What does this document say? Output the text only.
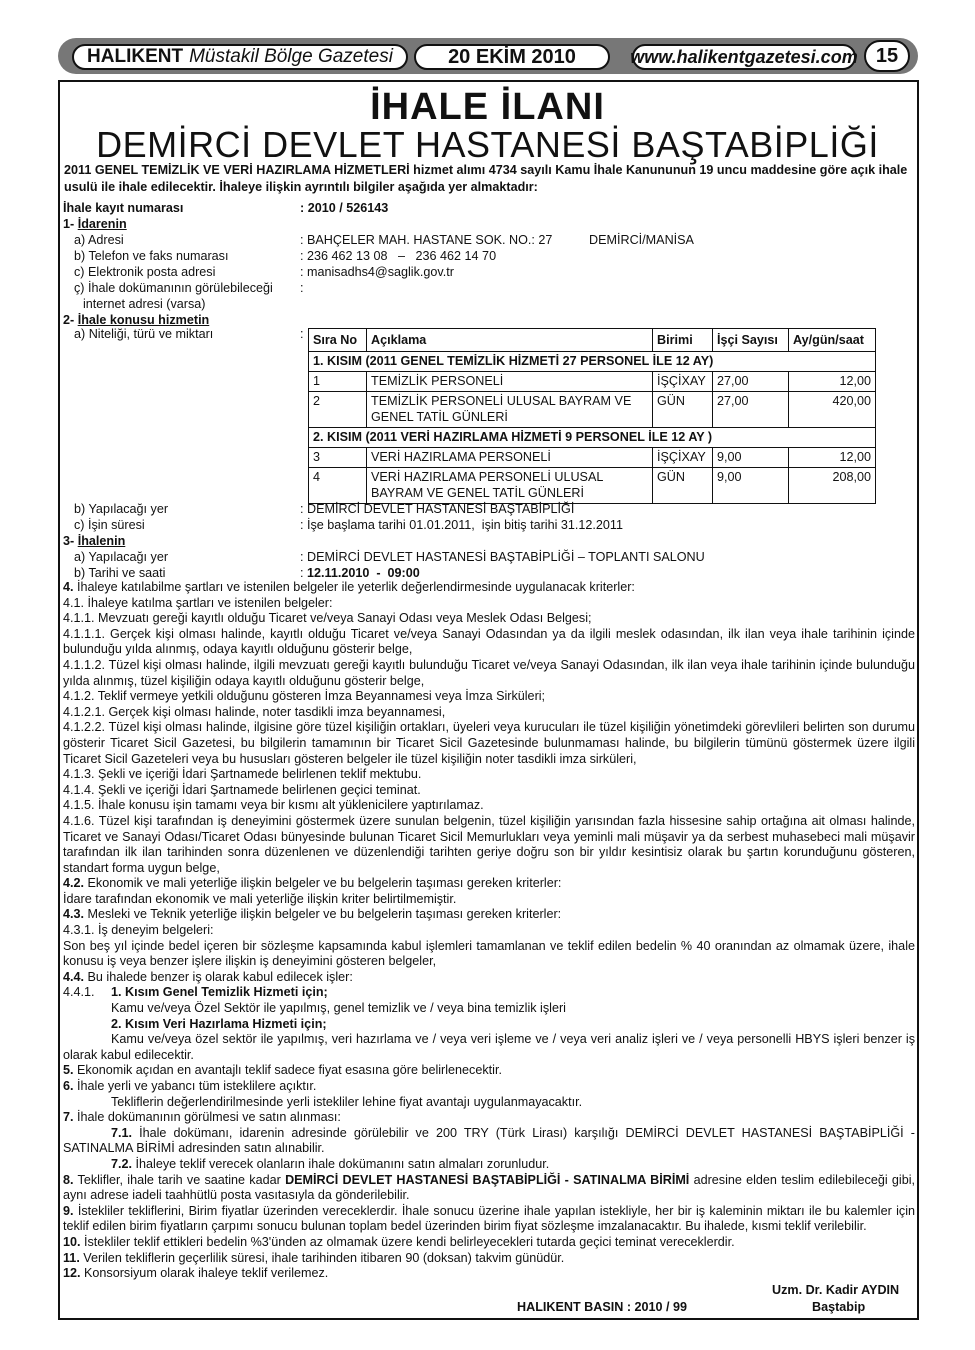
HALIKENT Müstakil Bölge Gazetesi	20 EKİM 2010	www.halikentgazetesi.com 15
İHALE İLANI
DEMİRCİ DEVLET HASTANESİ BAŞTABİPLİĞİ
2011 GENEL TEMİZLİK VE VERİ HAZIRLAMA HİZMETLERİ hizmet alımı 4734 sayılı Kamu İhale Kanununun 19 uncu maddesine göre açık ihale usulü ile ihale edilecektir. İhaleye ilişkin ayrıntılı bilgiler aşağıda yer almaktadır:
İhale kayıt numarası	: 2010 / 526143
1- İdarenin
a) Adresi	: BAHÇELER MAH. HASTANE SOK. NO.: 27	DEMİRCİ/MANİSA
b) Telefon ve faks numarası	: 236 462 13 08   –   236 462 14 70
c) Elektronik posta adresi	: manisadhs4@saglik.gov.tr
ç) İhale dokümanının görülebileceği :
internet adresi (varsa)
2- İhale konusu hizmetin
a) Niteliği, türü ve miktarı	: Sıra No	Açıklama	Birimi	İşçi Sayısı	Ay/gün/saat
1. KISIM (2011 GENEL TEMİZLİK HİZMETİ 27 PERSONEL İLE 12 AY)				
1	TEMİZLİK PERSONELİ	İŞÇİXAY	27,00	12,00
2	TEMİZLİK PERSONELİ ULUSAL BAYRAM VE GENEL TATİL GÜNLERİ	GÜN	27,00	420,00
2. KISIM (2011 VERİ HAZIRLAMA HİZMETİ 9 PERSONEL İLE 12 AY )				
3	VERİ HAZIRLAMA PERSONELİ	İŞÇİXAY	9,00	12,00
4	VERİ HAZIRLAMA PERSONELİ ULUSAL BAYRAM VE GENEL TATİL GÜNLERİ	GÜN	9,00	208,00
b) Yapılacağı yer	: DEMİRCİ DEVLET HASTANESİ BAŞTABİPLİĞİ
c) İşin süresi	: İşe başlama tarihi 01.01.2011,  işin bitiş tarihi 31.12.2011
3- İhalenin
a) Yapılacağı yer	: DEMİRCİ DEVLET HASTANESİ BAŞTABİPLİĞİ – TOPLANTI SALONU
b) Tarihi ve saati	: 12.11.2010  -  09:00

4. İhaleye katılabilme şartları ve istenilen belgeler ile yeterlik değerlendirmesinde uygulanacak kriterler:

4.1. İhaleye katılma şartları ve istenilen belgeler:

4.1.1. Mevzuatı gereği kayıtlı olduğu Ticaret ve/veya Sanayi Odası veya Meslek Odası Belgesi;

4.1.1.1. Gerçek kişi olması halinde, kayıtlı olduğu Ticaret ve/veya Sanayi Odasından ya da ilgili meslek odasından, ilk ilan veya ihale tarihinin içinde bulunduğu yılda alınmış, odaya kayıtlı olduğunu gösterir belge,

4.1.1.2. Tüzel kişi olması halinde, ilgili mevzuatı gereği kayıtlı bulunduğu Ticaret ve/veya Sanayi Odasından, ilk ilan veya ihale tarihinin içinde bulunduğu yılda alınmış, tüzel kişiliğin odaya kayıtlı olduğunu gösterir belge,

4.1.2. Teklif vermeye yetkili olduğunu gösteren İmza Beyannamesi veya İmza Sirküleri;

4.1.2.1. Gerçek kişi olması halinde, noter tasdikli imza beyannamesi,

4.1.2.2. Tüzel kişi olması halinde, ilgisine göre tüzel kişiliğin ortakları, üyeleri veya kurucuları ile tüzel kişiliğin yönetimdeki görevlileri belirten son durumu gösterir Ticaret Sicil Gazetesi, bu bilgilerin tamamının bir Ticaret Sicil Gazetesinde bulunmaması halinde, bu bilgilerin tümünü göstermek üzere ilgili Ticaret Sicil Gazeteleri veya bu hususları gösteren belgeler ile tüzel kişiliğin noter tasdikli imza sirküleri,

4.1.3. Şekli ve içeriği İdari Şartnamede belirlenen teklif mektubu.

4.1.4. Şekli ve içeriği İdari Şartnamede belirlenen geçici teminat.

4.1.5. İhale konusu işin tamamı veya bir kısmı alt yüklenicilere yaptırılamaz.

4.1.6. Tüzel kişi tarafından iş deneyimini göstermek üzere sunulan belgenin, tüzel kişiliğin yarısından fazla hissesine sahip ortağına ait olması halinde, Ticaret ve Sanayi Odası/Ticaret Odası bünyesinde bulunan Ticaret Sicil Memurlukları veya yeminli mali müşavir ya da serbest muhasebeci mali müşavir tarafından ilk ilan tarihinden sonra düzenlenen ve düzenlendiği tarihten geriye doğru son bir yıldır kesintisiz olarak bu şartın korunduğunu gösteren, standart forma uygun belge,

4.2. Ekonomik ve mali yeterliğe ilişkin belgeler ve bu belgelerin taşıması gereken kriterler:

İdare tarafından ekonomik ve mali yeterliğe ilişkin kriter belirtilmemiştir.

4.3. Mesleki ve Teknik yeterliğe ilişkin belgeler ve bu belgelerin taşıması gereken kriterler:

4.3.1. İş deneyim belgeleri:

Son beş yıl içinde bedel içeren bir sözleşme kapsamında kabul işlemleri tamamlanan ve teklif edilen bedelin % 40 oranından az olmamak üzere, ihale konusu iş veya benzer işlere ilişkin iş deneyimini gösteren belgeler,

4.4. Bu ihalede benzer iş olarak kabul edilecek işler:

4.4.1.	1. Kısım Genel Temizlik Hizmeti için;

Kamu ve/veya Özel Sektör ile yapılmış, genel temizlik ve / veya bina temizlik işleri

2. Kısım Veri Hazırlama Hizmeti için;

Kamu ve/veya özel sektör ile yapılmış, veri hazırlama ve / veya veri işleme ve / veya veri analiz işleri ve / veya personelli HBYS işleri benzer iş olarak kabul edilecektir.

5. Ekonomik açıdan en avantajlı teklif sadece fiyat esasına göre belirlenecektir.

6. İhale yerli ve yabancı tüm isteklilere açıktır.

Tekliflerin değerlendirilmesinde yerli istekliler lehine fiyat avantajı uygulanmayacaktır.

7. İhale dokümanının görülmesi ve satın alınması:

7.1. İhale dokümanı, idarenin adresinde görülebilir ve 200 TRY (Türk Lirası) karşılığı DEMİRCİ DEVLET HASTANESİ BAŞTABİPLİĞİ - SATINALMA BİRİMİ adresinden satın alınabilir.

7.2. İhaleye teklif verecek olanların ihale dokümanını satın almaları zorunludur.

8. Teklifler, ihale tarih ve saatine kadar DEMİRCİ DEVLET HASTANESİ BAŞTABİPLİĞİ - SATINALMA BİRİMİ adresine elden teslim edilebileceği gibi, aynı adrese iadeli taahhütlü posta vasıtasıyla da gönderilebilir.

9. İstekliler tekliflerini, Birim fiyatlar üzerinden vereceklerdir. İhale sonucu üzerine ihale yapılan istekliyle, her bir iş kaleminin miktarı ile bu kalemler için teklif edilen birim fiyatların çarpımı sonucu bulunan toplam bedel üzerinden birim fiyat sözleşme imzalanacaktır. Bu ihalede, kısmi teklif verilebilir.

10. İstekliler teklif ettikleri bedelin %3'ünden az olmamak üzere kendi belirleyecekleri tutarda geçici teminat vereceklerdir.

11. Verilen tekliflerin geçerlilik süresi, ihale tarihinden itibaren 90 (doksan) takvim günüdür.

12. Konsorsiyum olarak ihaleye teklif verilemez.

HALIKENT BASIN : 2010 / 99
Uzm. Dr. Kadir AYDIN
Baştabip
